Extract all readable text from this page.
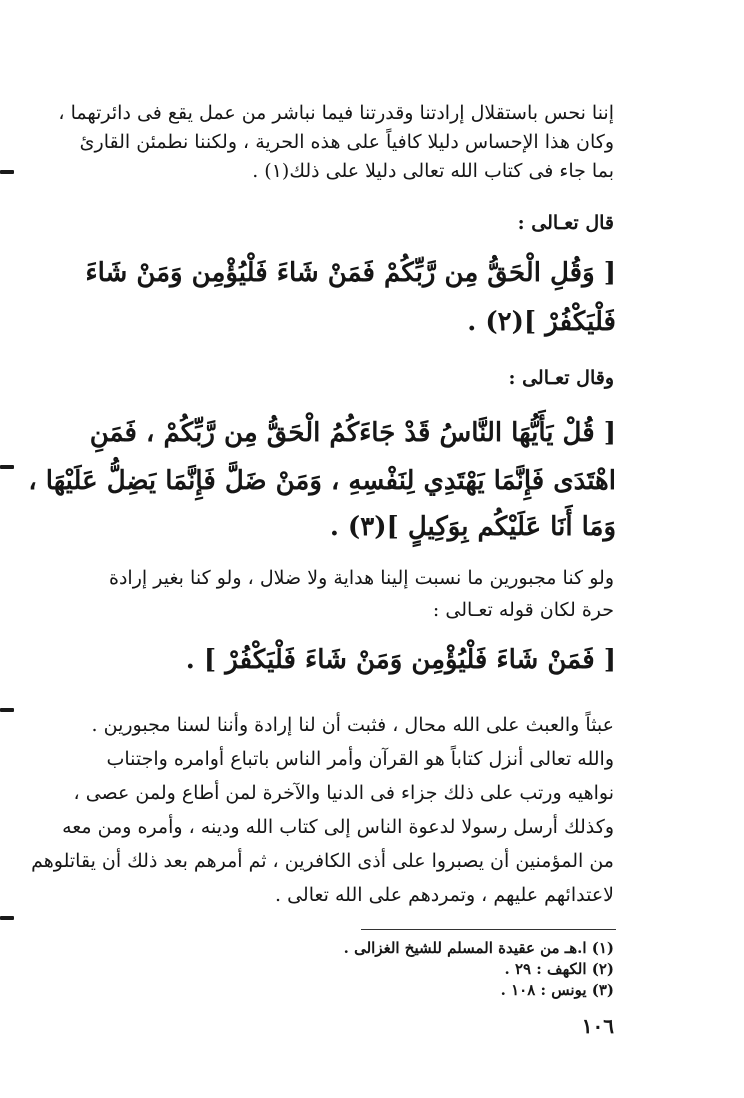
إننا نحس باستقلال إرادتنا وقدرتنا فيما نباشر من عمل يقع فى دائرتهما ،
وكان هذا الإحساس دليلا كافياً على هذه الحرية ، ولكننا نطمئن القارئ
بما جاء فى كتاب الله تعالى دليلا على ذلك(١) .
قال تعـالى :
[ وَقُلِ الْحَقُّ مِن رَّبِّكُمْ فَمَنْ شَاءَ فَلْيُؤْمِن وَمَنْ شَاءَ
فَلْيَكْفُرْ ](٢) .
وقال تعـالى :
[ قُلْ يَأَيُّهَا النَّاسُ قَدْ جَاءَكُمُ الْحَقُّ مِن رَّبِّكُمْ ، فَمَنِ
اهْتَدَى فَإِنَّمَا يَهْتَدِي لِنَفْسِهِ ، وَمَنْ ضَلَّ فَإِنَّمَا يَضِلُّ عَلَيْهَا ،
وَمَا أَنَا عَلَيْكُم بِوَكِيلٍ ](٣) .
ولو كنا مجبورين ما نسبت إلينا هداية ولا ضلال ، ولو كنا بغير إرادة
حرة لكان قوله تعـالى :
[ فَمَنْ شَاءَ فَلْيُؤْمِن وَمَنْ شَاءَ فَلْيَكْفُرْ ] .
عبثاً والعبث على الله محال ، فثبت أن لنا إرادة وأننا لسنا مجبورين .
والله تعالى أنزل كتاباً هو القرآن وأمر الناس باتباع أوامره واجتناب
نواهيه ورتب على ذلك جزاء فى الدنيا والآخرة لمن أطاع ولمن عصى ،
وكذلك أرسل رسولا لدعوة الناس إلى كتاب الله ودينه ، وأمره ومن معه
من المؤمنين أن يصبروا على أذى الكافرين ، ثم أمرهم بعد ذلك أن يقاتلوهم
لاعتدائهم عليهم ، وتمردهم على الله تعالى .
(١) ا.هـ من عقيدة المسلم للشيخ الغزالى .
(٢) الكهف : ٢٩ .
(٣) يونس : ١٠٨ .
١٠٦
